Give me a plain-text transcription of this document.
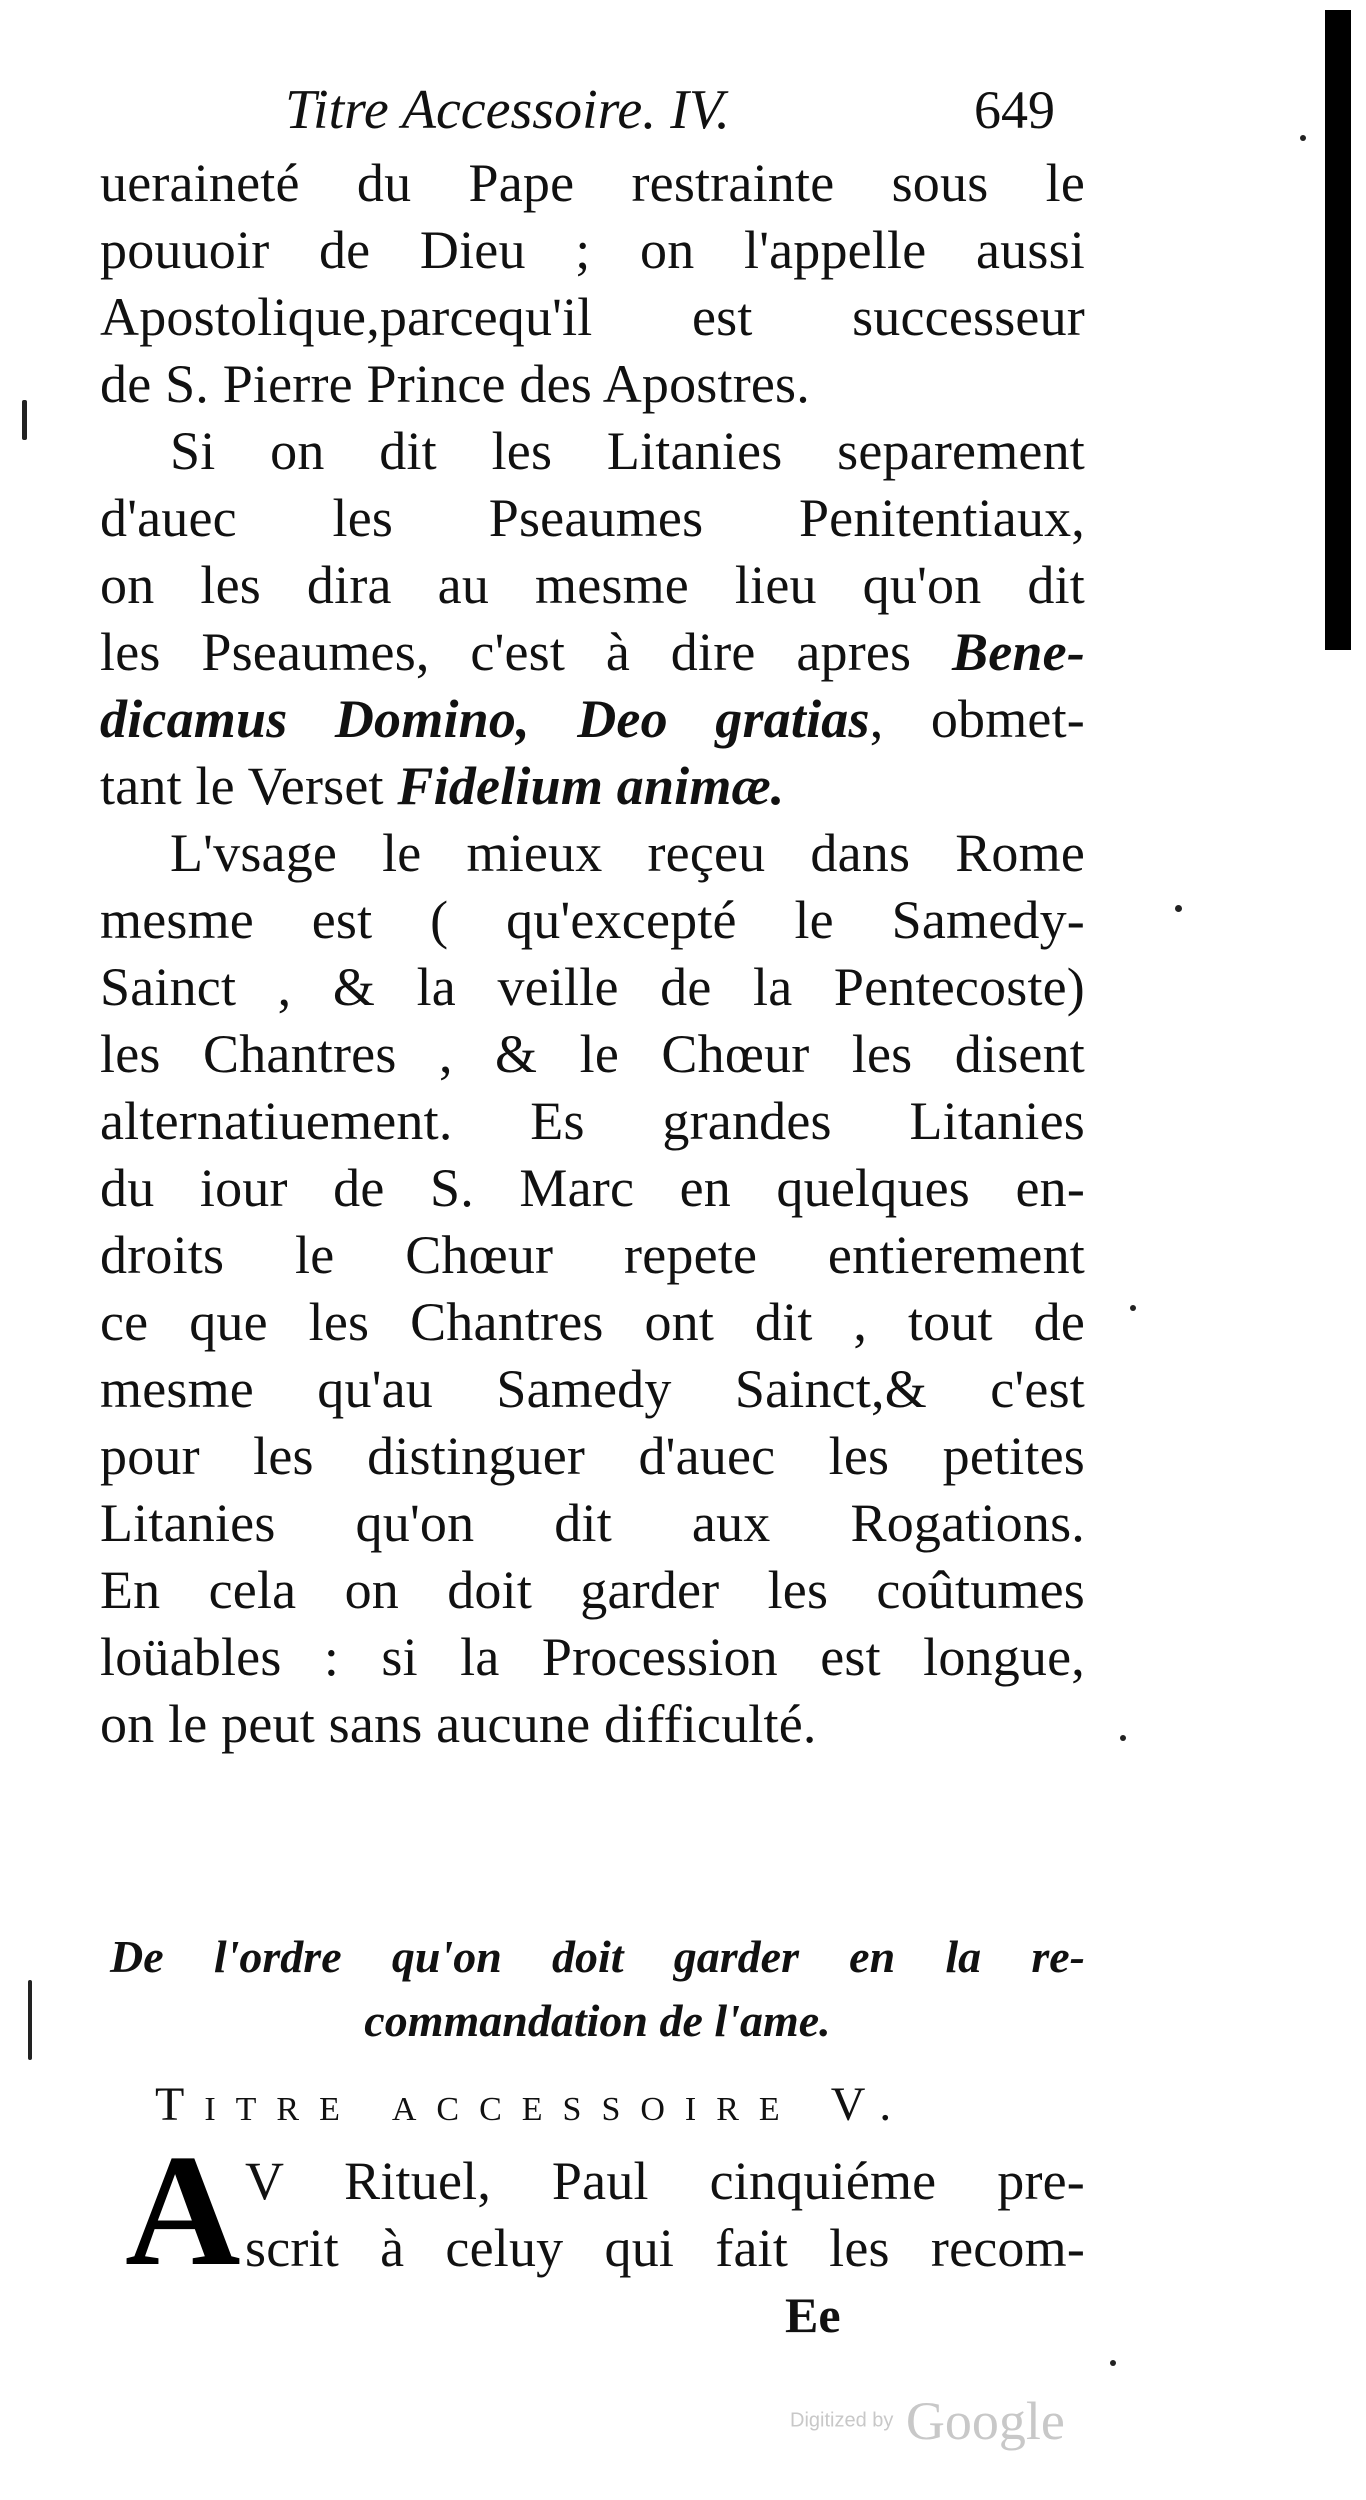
Titre Accessoire. IV.	649
ueraineté du Pape restrainte sous le
pouuoir de Dieu ; on l'appelle aussi
Apostolique,parcequ'il est successeur
de S. Pierre Prince des Apostres.
Si on dit les Litanies separement
d'auec les Pseaumes Penitentiaux,
on les dira au mesme lieu qu'on dit
les Pseaumes, c'est à dire apres Bene-
dicamus Domino, Deo gratias, obmet-
tant le Verset Fidelium animæ.
L'vsage le mieux reçeu dans Rome
mesme est ( qu'excepté le Samedy-
Sainct , & la veille de la Pentecoste)
les Chantres , & le Chœur les disent
alternatiuement. Es grandes Litanies
du iour de S. Marc en quelques en-
droits le Chœur repete entierement
ce que les Chantres ont dit , tout de
mesme qu'au Samedy Sainct,& c'est
pour les distinguer d'auec les petites
Litanies qu'on dit aux Rogations.
En cela on doit garder les coûtumes
loüables : si la Procession est longue,
on le peut sans aucune difficulté.
De l'ordre qu'on doit garder en la re-
commandation de l'ame.
Titre accessoire V.
A V Rituel, Paul cinquiéme pre-
scrit à celuy qui fait les recom-
Ee
Digitized by Google
